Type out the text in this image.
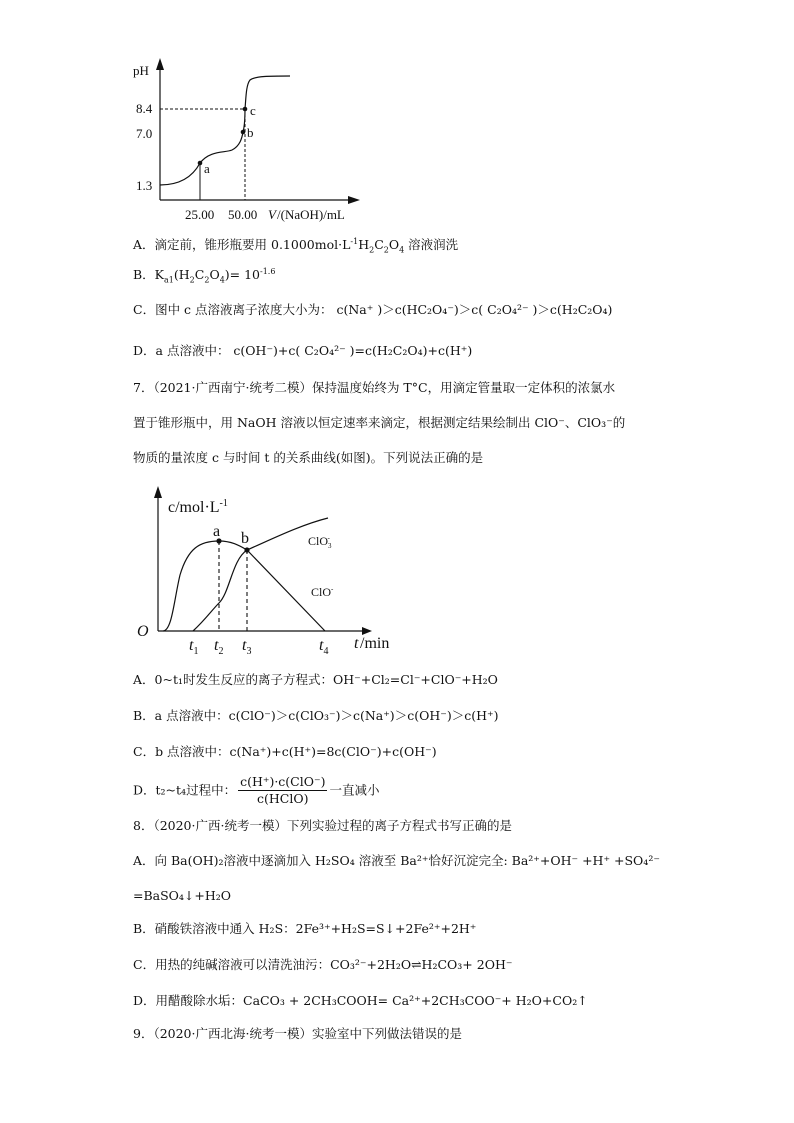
pH
8.4
7.0
1.3
25.00 50.00 V /(NaOH)/mL
a
b
c
A．滴定前，锥形瓶要用 $0.1000mol\cdot L^{-1}H_2C_2O_4$ 溶液润洗
B．$K_{a1}(H_2C_2O_4)= 10^{-1.6}$
C．图中 c 点溶液离子浓度大小为： c(Na⁺ )＞c(HC₂O₄⁻)＞c( C₂O₄²⁻ )＞c(H₂C₂O₄)
D．a 点溶液中： c(OH⁻)+c( C₂O₄²⁻ )=c(H₂C₂O₄)+c(H⁺)
7．（2021·广西南宁·统考二模）保持温度始终为 T°C，用滴定管量取一定体积的浓氯水
置于锥形瓶中，用 NaOH 溶液以恒定速率来滴定，根据测定结果绘制出 ClO⁻、ClO₃⁻的
物质的量浓度 c 与时间 t 的关系曲线(如图)。下列说法正确的是
$c/mol\cdot L^{-1}$
O
a b	ClO$_3$-
ClO-
$t_1$ $t_2$ $t_3$	$t_4$ t /min
A．0~t₁时发生反应的离子方程式：OH⁻+Cl₂=Cl⁻+ClO⁻+H₂O
B．a 点溶液中：c(ClO⁻)＞c(ClO₃⁻)＞c(Na⁺)＞c(OH⁻)＞c(H⁺)
C．b 点溶液中：c(Na⁺)+c(H⁺)=8c(ClO⁻)+c(OH⁻)
D．t₂~t₄过程中： $\frac{\text{c(H⁺)·c(ClO⁻)}}{\text{c(HClO)}}$ 一直减小
8．（2020·广西·统考一模）下列实验过程的离子方程式书写正确的是
A．向 Ba(OH)₂溶液中逐滴加入 H₂SO₄ 溶液至 Ba²⁺恰好沉淀完全: Ba²⁺+OH⁻ +H⁺ +SO₄²⁻
=BaSO₄↓+H₂O
B．硝酸铁溶液中通入 H₂S：2Fe³⁺+H₂S=S↓+2Fe²⁺+2H⁺
C．用热的纯碱溶液可以清洗油污：CO₃²⁻+2H₂O⇌H₂CO₃+ 2OH⁻
D．用醋酸除水垢：CaCO₃ + 2CH₃COOH= Ca²⁺+2CH₃COO⁻+ H₂O+CO₂↑
9．（2020·广西北海·统考一模）实验室中下列做法错误的是
